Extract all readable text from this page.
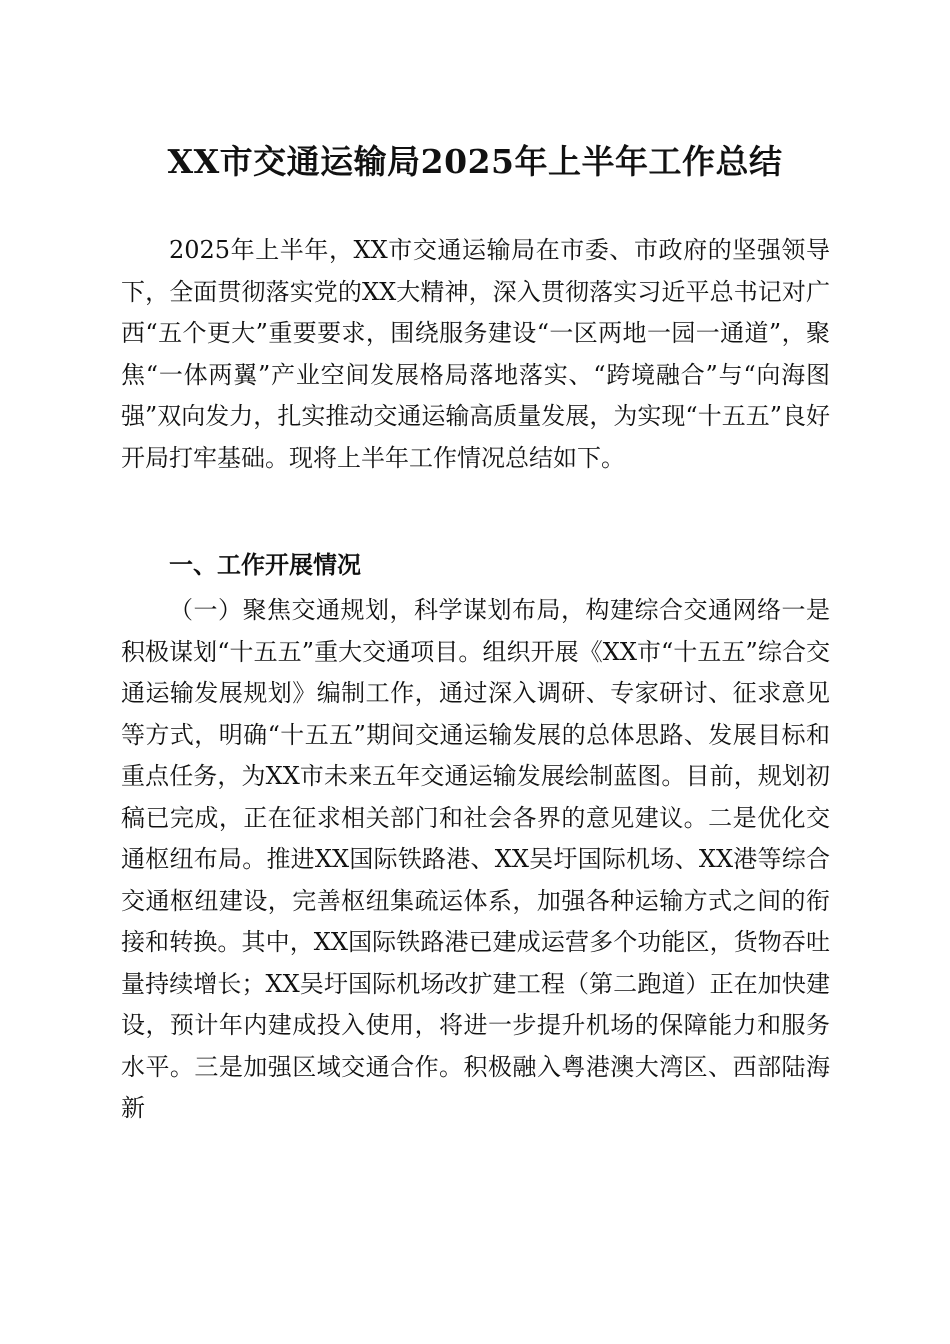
XX市交通运输局2025年上半年工作总结

2025年上半年，XX市交通运输局在市委、市政府的坚强领导下，全面贯彻落实党的XX大精神，深入贯彻落实习近平总书记对广西“五个更大”重要要求，围绕服务建设“一区两地一园一通道”，聚焦“一体两翼”产业空间发展格局落地落实、“跨境融合”与“向海图强”双向发力，扎实推动交通运输高质量发展，为实现“十五五”良好开局打牢基础。现将上半年工作情况总结如下。

一、工作开展情况

（一）聚焦交通规划，科学谋划布局，构建综合交通网络一是积极谋划“十五五”重大交通项目。组织开展《XX市“十五五”综合交通运输发展规划》编制工作，通过深入调研、专家研讨、征求意见等方式，明确“十五五”期间交通运输发展的总体思路、发展目标和重点任务，为XX市未来五年交通运输发展绘制蓝图。目前，规划初稿已完成，正在征求相关部门和社会各界的意见建议。二是优化交通枢纽布局。推进XX国际铁路港、XX吴圩国际机场、XX港等综合交通枢纽建设，完善枢纽集疏运体系，加强各种运输方式之间的衔接和转换。其中，XX国际铁路港已建成运营多个功能区，货物吞吐量持续增长；XX吴圩国际机场改扩建工程（第二跑道）正在加快建设，预计年内建成投入使用，将进一步提升机场的保障能力和服务水平。三是加强区域交通合作。积极融入粤港澳大湾区、西部陆海新
